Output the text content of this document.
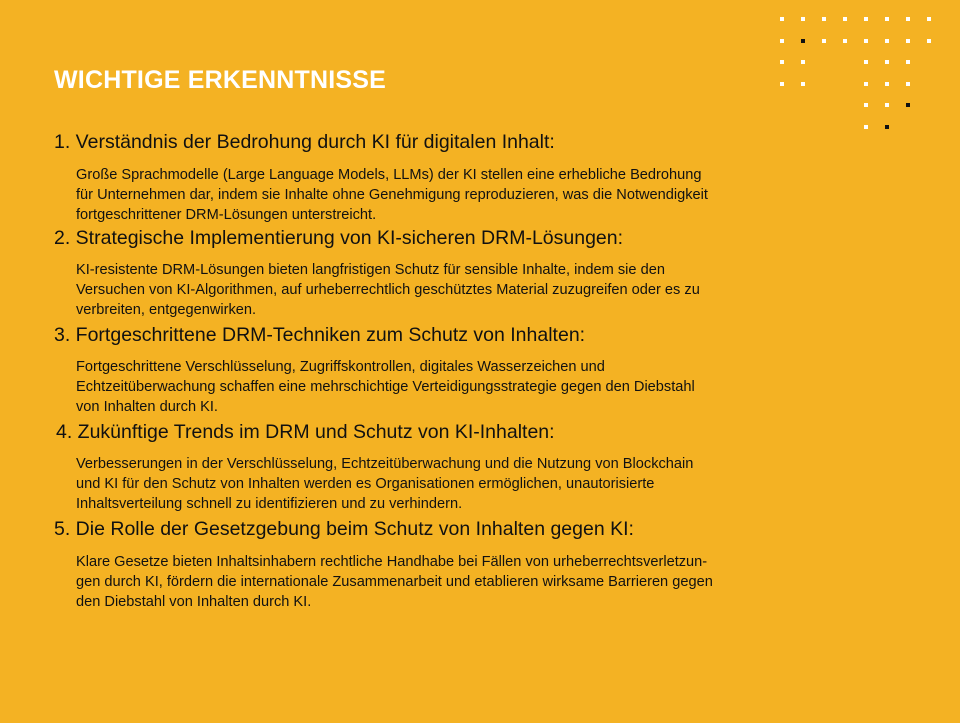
WICHTIGE ERKENNTNISSE
1. Verständnis der Bedrohung durch KI für digitalen Inhalt:
Große Sprachmodelle (Large Language Models, LLMs) der KI stellen eine erhebliche Bedrohung
für Unternehmen dar, indem sie Inhalte ohne Genehmigung reproduzieren, was die Notwendigkeit
fortgeschrittener DRM-Lösungen unterstreicht.
2. Strategische Implementierung von KI-sicheren DRM-Lösungen:
KI-resistente DRM-Lösungen bieten langfristigen Schutz für sensible Inhalte, indem sie den
Versuchen von KI-Algorithmen, auf urheberrechtlich geschütztes Material zuzugreifen oder es zu
verbreiten, entgegenwirken.
3. Fortgeschrittene DRM-Techniken zum Schutz von Inhalten:
Fortgeschrittene Verschlüsselung, Zugriffskontrollen, digitales Wasserzeichen und
Echtzeitüberwachung schaffen eine mehrschichtige Verteidigungsstrategie gegen den Diebstahl
von Inhalten durch KI.
4. Zukünftige Trends im DRM und Schutz von KI-Inhalten:
Verbesserungen in der Verschlüsselung, Echtzeitüberwachung und die Nutzung von Blockchain
und KI für den Schutz von Inhalten werden es Organisationen ermöglichen, unautorisierte
Inhaltsverteilung schnell zu identifizieren und zu verhindern.
5. Die Rolle der Gesetzgebung beim Schutz von Inhalten gegen KI:
Klare Gesetze bieten Inhaltsinhabern rechtliche Handhabe bei Fällen von urheberrechtsverletzun-
gen durch KI, fördern die internationale Zusammenarbeit und etablieren wirksame Barrieren gegen
den Diebstahl von Inhalten durch KI.
